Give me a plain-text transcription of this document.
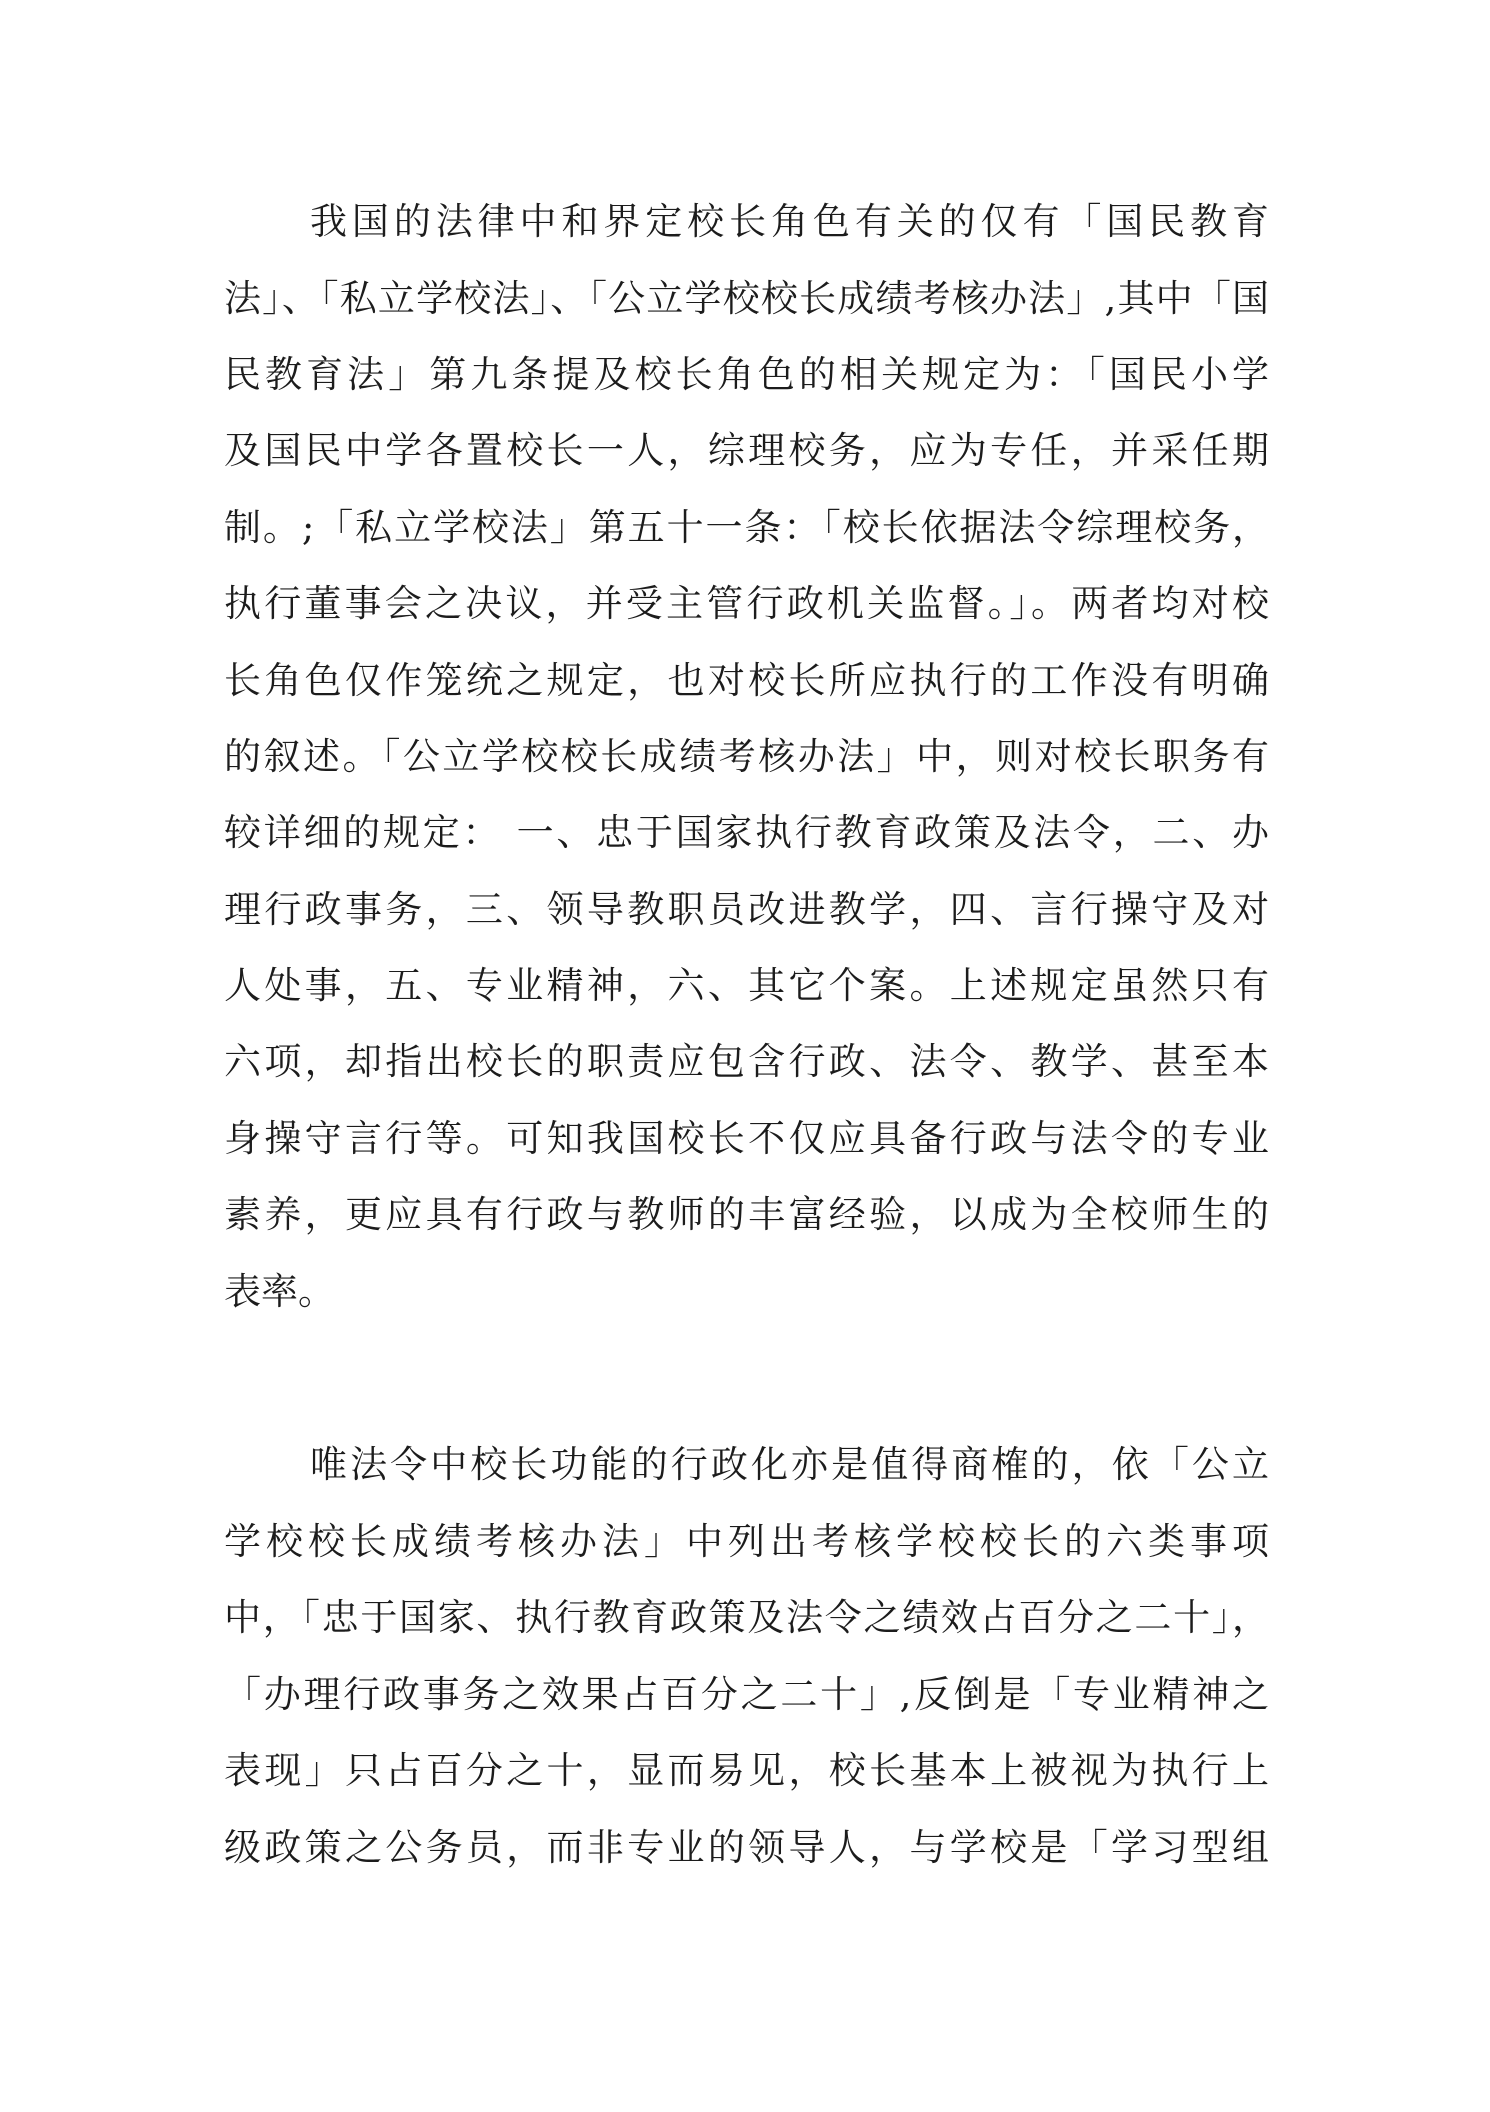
我国的法律中和界定校长角色有关的仅有「国民教育
法」、「私立学校法」、「公立学校校长成绩考核办法」,其中「国
民教育法」第九条提及校长角色的相关规定为：「国民小学
及国民中学各置校长一人，综理校务，应为专任，并采任期
制。;「私立学校法」第五十一条：「校长依据法令综理校务，
执行董事会之决议，并受主管行政机关监督。」。两者均对校
长角色仅作笼统之规定，也对校长所应执行的工作没有明确
的叙述。「公立学校校长成绩考核办法」中，则对校长职务有
较详细的规定： 一、忠于国家执行教育政策及法令，二、办
理行政事务，三、领导教职员改进教学，四、言行操守及对
人处事，五、专业精神，六、其它个案。上述规定虽然只有
六项，却指出校长的职责应包含行政、法令、教学、甚至本
身操守言行等。可知我国校长不仅应具备行政与法令的专业
素养，更应具有行政与教师的丰富经验，以成为全校师生的
表率。
唯法令中校长功能的行政化亦是值得商榷的，依「公立
学校校长成绩考核办法」中列出考核学校校长的六类事项
中，「忠于国家、执行教育政策及法令之绩效占百分之二十」，
「办理行政事务之效果占百分之二十」,反倒是「专业精神之
表现」只占百分之十，显而易见，校长基本上被视为执行上
级政策之公务员，而非专业的领导人，与学校是「学习型组
